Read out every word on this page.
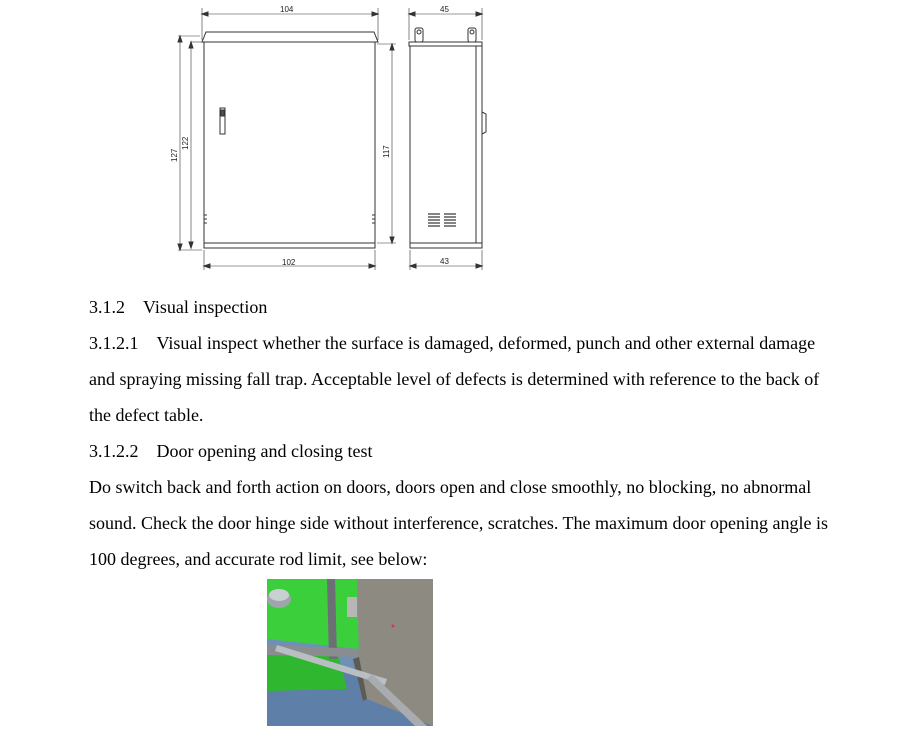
104
102
127
122
117
45
43
3.1.2 Visual inspection
3.1.2.1 Visual inspect whether the surface is damaged, deformed, punch and other external damage
and spraying missing fall trap. Acceptable level of defects is determined with reference to the back of
the defect table.
3.1.2.2 Door opening and closing test
Do switch back and forth action on doors, doors open and close smoothly, no blocking, no abnormal
sound. Check the door hinge side without interference, scratches. The maximum door opening angle is
100 degrees, and accurate rod limit, see below:
